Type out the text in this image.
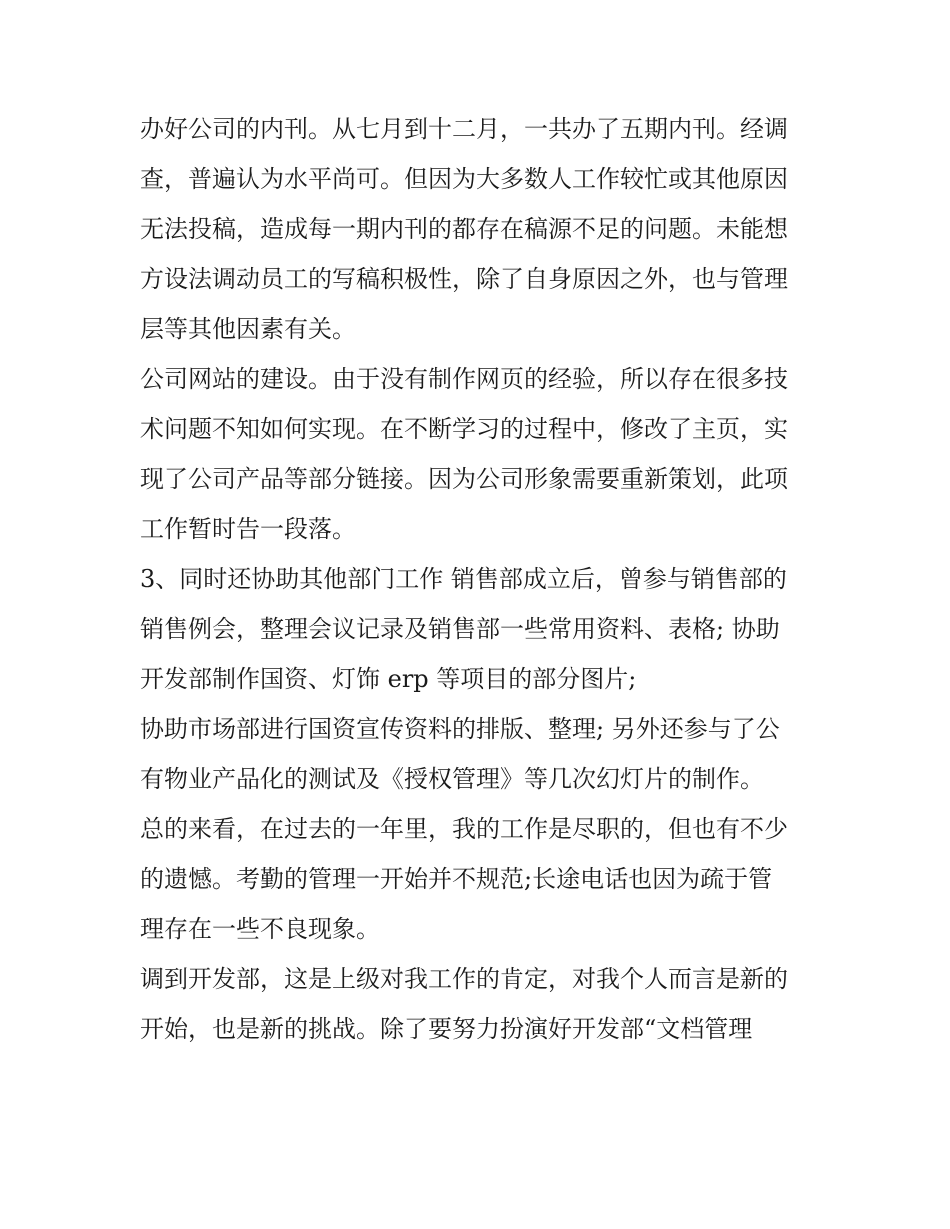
办好公司的内刊。从七月到十二月，一共办了五期内刊。经调
查，普遍认为水平尚可。但因为大多数人工作较忙或其他原因
无法投稿，造成每一期内刊的都存在稿源不足的问题。未能想
方设法调动员工的写稿积极性，除了自身原因之外，也与管理
层等其他因素有关。

公司网站的建设。由于没有制作网页的经验，所以存在很多技
术问题不知如何实现。在不断学习的过程中，修改了主页，实
现了公司产品等部分链接。因为公司形象需要重新策划，此项
工作暂时告一段落。

3、同时还协助其他部门工作 销售部成立后，曾参与销售部的
销售例会，整理会议记录及销售部一些常用资料、表格; 协助
开发部制作国资、灯饰 erp 等项目的部分图片;

协助市场部进行国资宣传资料的排版、整理; 另外还参与了公
有物业产品化的测试及《授权管理》等几次幻灯片的制作。

总的来看，在过去的一年里，我的工作是尽职的，但也有不少
的遗憾。考勤的管理一开始并不规范;长途电话也因为疏于管
理存在一些不良现象。

调到开发部，这是上级对我工作的肯定，对我个人而言是新的
开始，也是新的挑战。除了要努力扮演好开发部“文档管理
